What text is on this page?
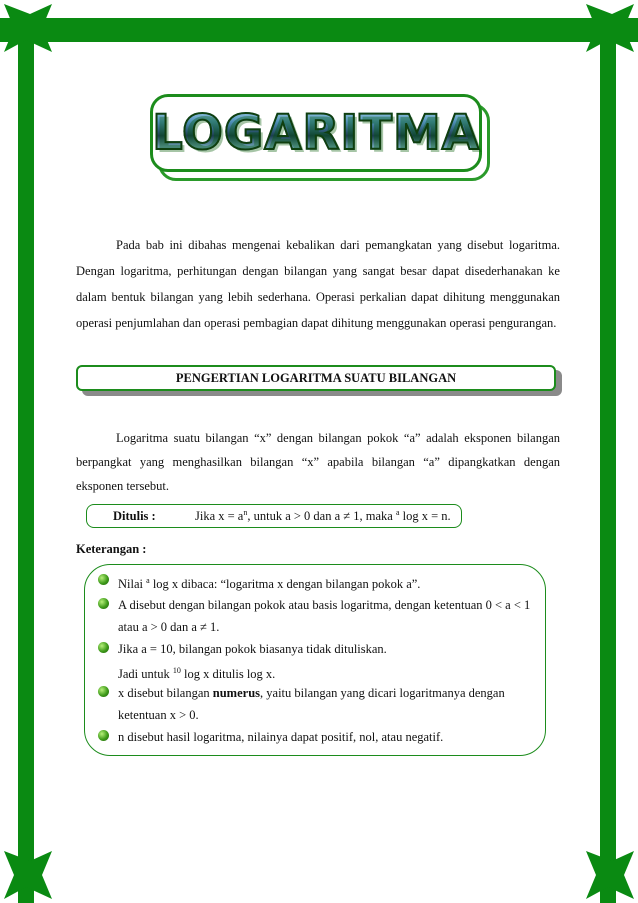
LOGARITMA

Pada bab ini dibahas mengenai kebalikan dari pemangkatan yang disebut logaritma. Dengan logaritma, perhitungan dengan bilangan yang sangat besar dapat disederhanakan ke dalam bentuk bilangan yang lebih sederhana. Operasi perkalian dapat dihitung menggunakan operasi penjumlahan dan operasi pembagian dapat dihitung menggunakan operasi pengurangan.

PENGERTIAN LOGARITMA SUATU BILANGAN

Logaritma suatu bilangan “x” dengan bilangan pokok “a” adalah eksponen bilangan berpangkat yang menghasilkan bilangan “x” apabila bilangan “a” dipangkatkan dengan eksponen tersebut.

Ditulis :	Jika $x = a^n$, untuk a > 0 dan a ≠ 1, maka $^a$ log x = n.
Keterangan :
Nilai $^a$ log x dibaca: “logaritma x dengan bilangan pokok a”.
A disebut dengan bilangan pokok atau basis logaritma, dengan ketentuan 0 < a < 1
atau a > 0 dan a ≠ 1.
Jika a = 10, bilangan pokok biasanya tidak dituliskan.
Jadi untuk $^{10}$ log x ditulis log x.
x disebut bilangan numerus, yaitu bilangan yang dicari logaritmanya dengan
ketentuan x > 0.
n disebut hasil logaritma, nilainya dapat positif, nol, atau negatif.
